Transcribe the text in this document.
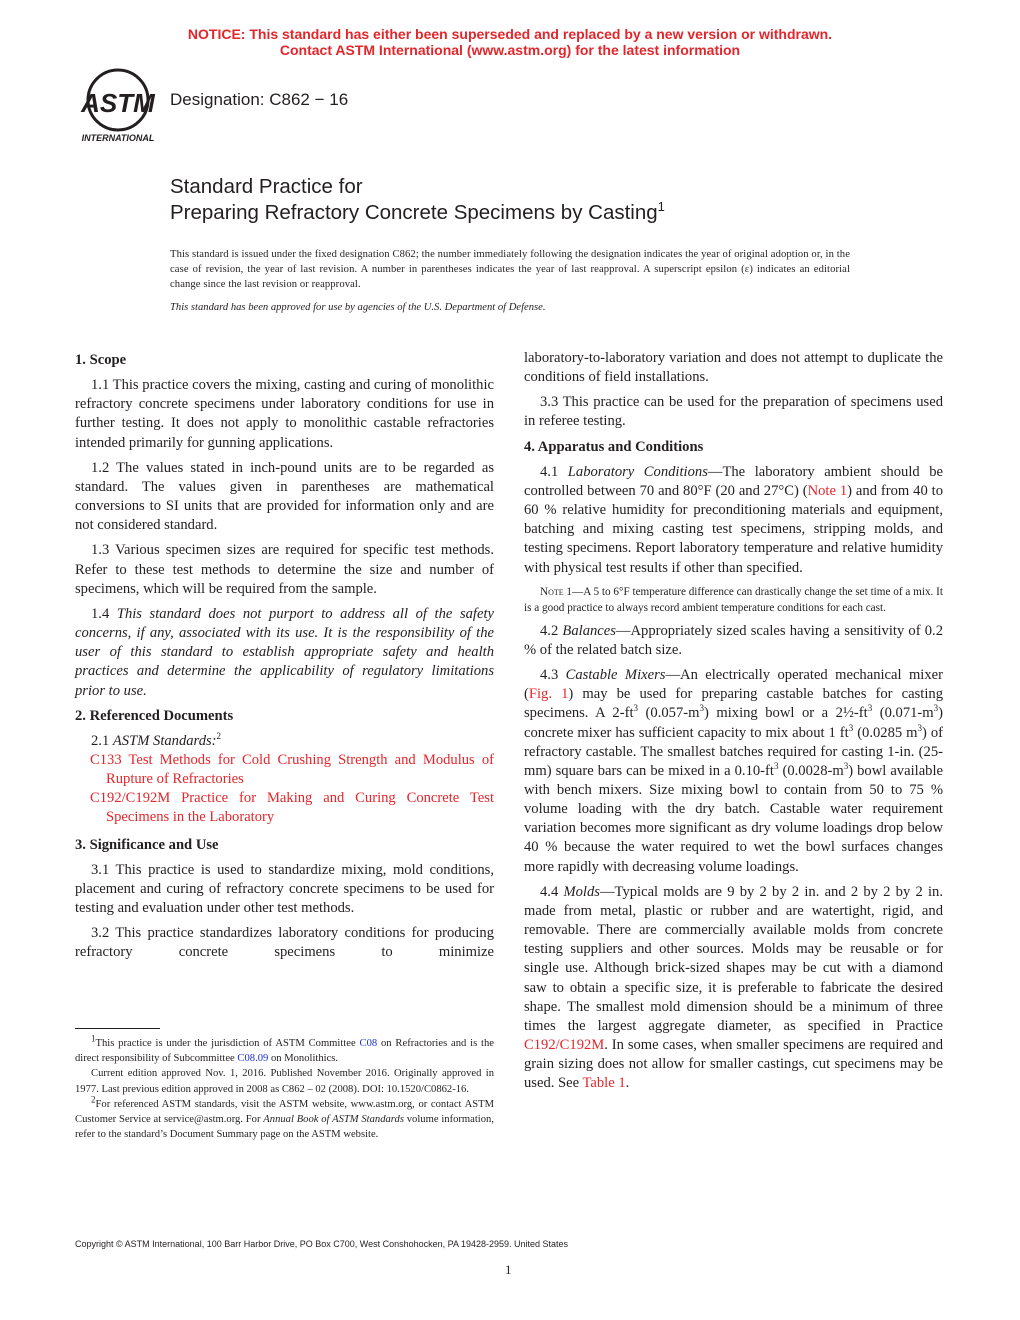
NOTICE: This standard has either been superseded and replaced by a new version or withdrawn.
Contact ASTM International (www.astm.org) for the latest information
ASTM
INTERNATIONAL
Designation: C862 − 16
Standard Practice for
Preparing Refractory Concrete Specimens by Casting$^1$
This standard is issued under the fixed designation C862; the number immediately following the designation indicates the year of original adoption or, in the case of revision, the year of last revision. A number in parentheses indicates the year of last reapproval. A superscript epsilon (ε) indicates an editorial change since the last revision or reapproval.
This standard has been approved for use by agencies of the U.S. Department of Defense.
1. Scope

1.1 This practice covers the mixing, casting and curing of monolithic refractory concrete specimens under laboratory conditions for use in further testing. It does not apply to monolithic castable refractories intended primarily for gunning applications.

1.2 The values stated in inch-pound units are to be regarded as standard. The values given in parentheses are mathematical conversions to SI units that are provided for information only and are not considered standard.

1.3 Various specimen sizes are required for specific test methods. Refer to these test methods to determine the size and number of specimens, which will be required from the sample.

1.4 This standard does not purport to address all of the safety concerns, if any, associated with its use. It is the responsibility of the user of this standard to establish appropriate safety and health practices and determine the applicability of regulatory limitations prior to use.

2. Referenced Documents

2.1 ASTM Standards:$^2$

C133 Test Methods for Cold Crushing Strength and Modulus of Rupture of Refractories

C192/C192M Practice for Making and Curing Concrete Test Specimens in the Laboratory

3. Significance and Use

3.1 This practice is used to standardize mixing, mold conditions, placement and curing of refractory concrete specimens to be used for testing and evaluation under other test methods.

3.2 This practice standardizes laboratory conditions for producing refractory concrete specimens to minimize

laboratory-to-laboratory variation and does not attempt to duplicate the conditions of field installations.

3.3 This practice can be used for the preparation of specimens used in referee testing.

4. Apparatus and Conditions

4.1 Laboratory Conditions—The laboratory ambient should be controlled between 70 and 80°F (20 and 27°C) (Note 1) and from 40 to 60 % relative humidity for preconditioning materials and equipment, batching and mixing casting test specimens, stripping molds, and testing specimens. Report laboratory temperature and relative humidity with physical test results if other than specified.

Note 1—A 5 to 6°F temperature difference can drastically change the set time of a mix. It is a good practice to always record ambient temperature conditions for each cast.

4.2 Balances—Appropriately sized scales having a sensitivity of 0.2 % of the related batch size.

4.3 Castable Mixers—An electrically operated mechanical mixer (Fig. 1) may be used for preparing castable batches for casting specimens. A $2-ft^3$ $(0.057-m^3)$ mixing bowl or a $2\frac{1}{2}-ft^3$ $(0.071-m^3)$ concrete mixer has sufficient capacity to mix about 1 $ft^3$ (0.0285 $m^3$) of refractory castable. The smallest batches required for casting 1-in. (25-mm) square bars can be mixed in a $0.10-ft^3$ $(0.0028-m^3)$ bowl available with bench mixers. Size mixing bowl to contain from 50 to 75 % volume loading with the dry batch. Castable water requirement variation becomes more significant as dry volume loadings drop below 40 % because the water required to wet the bowl surfaces changes more rapidly with decreasing volume loadings.

4.4 Molds—Typical molds are 9 by 2 by 2 in. and 2 by 2 by 2 in. made from metal, plastic or rubber and are watertight, rigid, and removable. There are commercially available molds from concrete testing suppliers and other sources. Molds may be reusable or for single use. Although brick-sized shapes may be cut with a diamond saw to obtain a specific size, it is preferable to fabricate the desired shape. The smallest mold dimension should be a minimum of three times the largest aggregate diameter, as specified in Practice C192/C192M. In some cases, when smaller specimens are required and grain sizing does not allow for smaller castings, cut specimens may be used. See Table 1.

$^1$This practice is under the jurisdiction of ASTM Committee C08 on Refractories and is the direct responsibility of Subcommittee C08.09 on Monolithics.

Current edition approved Nov. 1, 2016. Published November 2016. Originally approved in 1977. Last previous edition approved in 2008 as C862 – 02 (2008). DOI: 10.1520/C0862-16.

$^2$For referenced ASTM standards, visit the ASTM website, www.astm.org, or contact ASTM Customer Service at service@astm.org. For Annual Book of ASTM Standards volume information, refer to the standard’s Document Summary page on the ASTM website.

Copyright © ASTM International, 100 Barr Harbor Drive, PO Box C700, West Conshohocken, PA 19428-2959. United States
1
